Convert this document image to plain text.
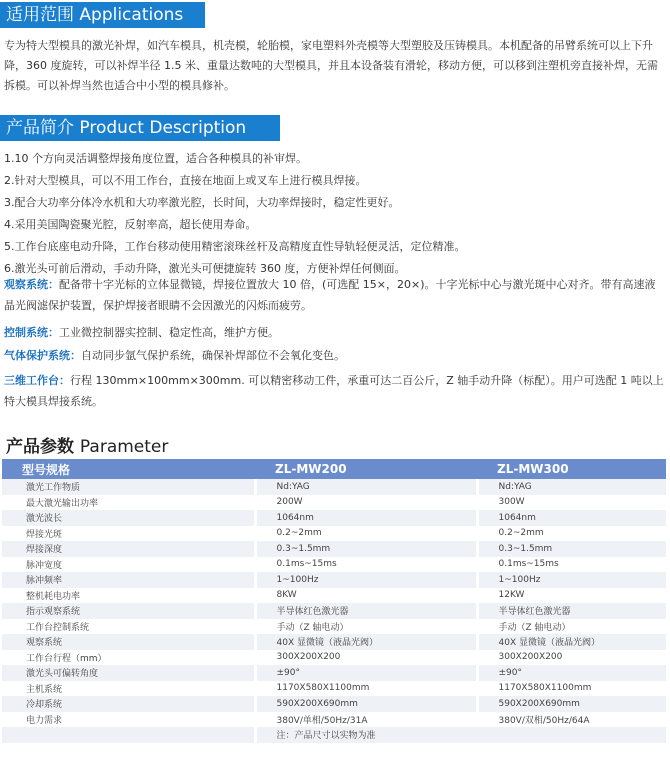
适用范围 Applications
专为特大型模具的激光补焊，如汽车模具，机壳模，轮胎模，家电塑料外壳模等大型塑胶及压铸模具。本机配备的吊臂系统可以上下升降，360 度旋转，可以补焊半径 1.5 米、重量达数吨的大型模具，并且本设备装有滑轮，移动方便，可以移到注塑机旁直接补焊，无需拆模。可以补焊当然也适合中小型的模具修补。
产品简介 Product Description
1.10 个方向灵活调整焊接角度位置，适合各种模具的补审焊。
2.针对大型模具，可以不用工作台，直接在地面上或叉车上进行模具焊接。
3.配合大功率分体冷水机和大功率激光腔，长时间，大功率焊接时，稳定性更好。
4.采用美国陶瓷聚光腔，反射率高，超长使用寿命。
5.工作台底座电动升降，工作台移动使用精密滚珠丝杆及高精度直性导轨轻便灵活，定位精准。
6.激光头可前后滑动，手动升降，激光头可便捷旋转 360 度，方便补焊任何侧面。
观察系统：配备带十字光标的立体显微镜，焊接位置放大 10 倍，(可选配 15×，20×)。十字光标中心与激光斑中心对齐。带有高速液晶光阀滤保护装置，保护焊接者眼睛不会因激光的闪烁而疲劳。
控制系统：工业微控制器实控制、稳定性高，维护方便。
气体保护系统：自动同步氩气保护系统，确保补焊部位不会氧化变色。
三维工作台：行程 130mm×100mm×300mm. 可以精密移动工件，承重可达二百公斤，Z 轴手动升降（标配）。用户可选配 1 吨以上特大模具焊接系统。
产品参数 Parameter
型号规格	ZL-MW200	ZL-MW300
激光工作物质	Nd:YAG	Nd:YAG
最大激光输出功率	200W	300W
激光波长	1064nm	1064nm
焊接光斑	0.2~2mm	0.2~2mm
焊接深度	0.3~1.5mm	0.3~1.5mm
脉冲宽度	0.1ms~15ms	0.1ms~15ms
脉冲频率	1~100Hz	1~100Hz
整机耗电功率	8KW	12KW
指示观察系统	半导体红色激光器	半导体红色激光器
工作台控制系统	手动（Z 轴电动）	手动（Z 轴电动）
观察系统	40X 显微镜（液晶光阀）	40X 显微镜（液晶光阀）
工作台行程（mm）	300X200X200	300X200X200
激光头可偏转角度	±90°	±90°
主机系统	1170X580X1100mm	1170X580X1100mm
冷却系统	590X200X690mm	590X200X690mm
电力需求	380V/单相/50Hz/31A	380V/双相/50Hz/64A
	注：产品尺寸以实物为准	
